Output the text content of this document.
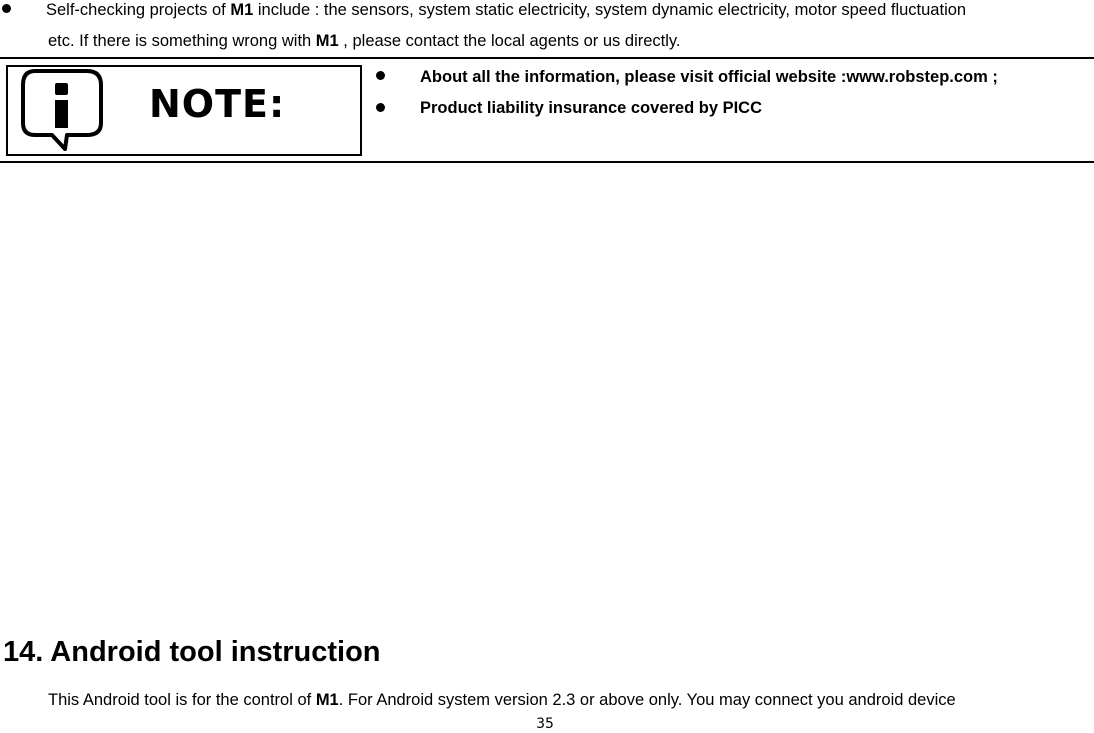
Self-checking projects of M1 include : the sensors, system static electricity, system dynamic electricity, motor speed fluctuation
etc. If there is something wrong with M1 , please contact the local agents or us directly.
NOTE:
About all the information, please visit official website :www.robstep.com ;
Product liability insurance covered by PICC
14. Android tool instruction
This Android tool is for the control of M1. For Android system version 2.3 or above only. You may connect you android device
35
